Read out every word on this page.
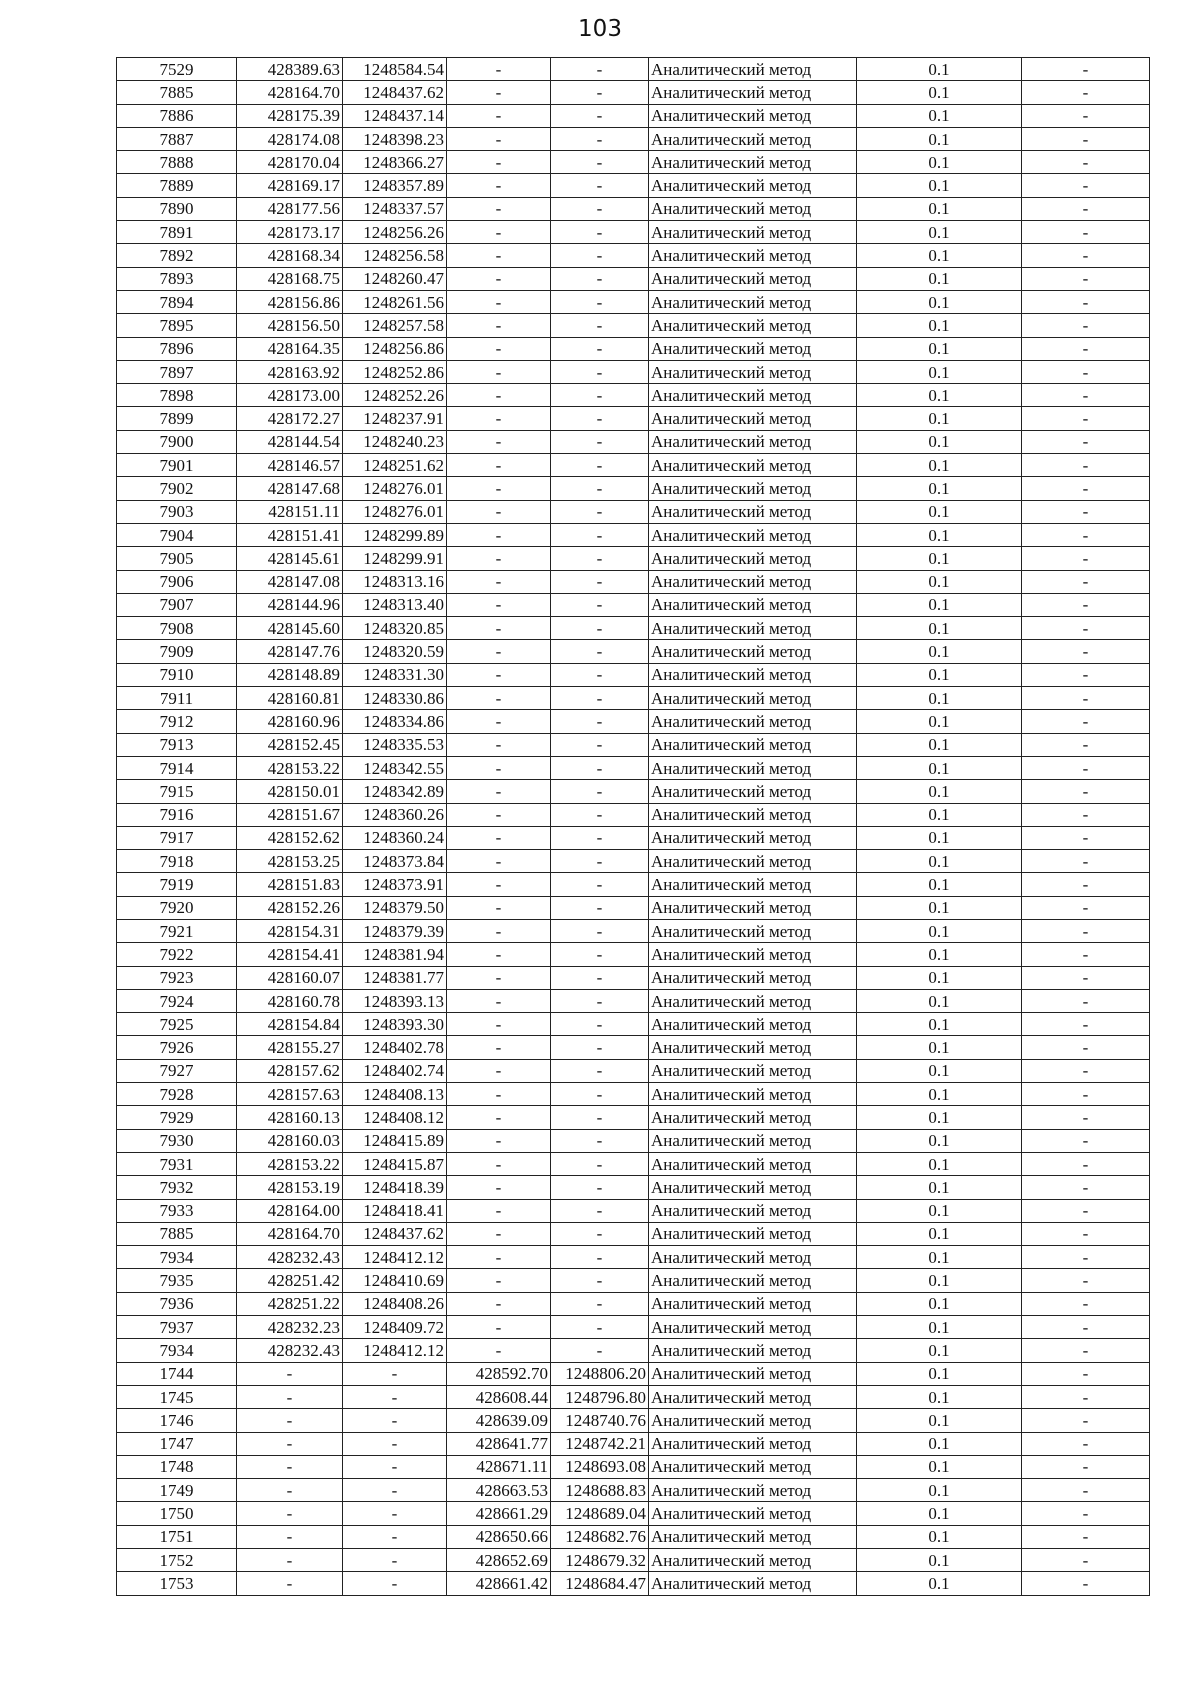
103
7529	428389.63	1248584.54	-	-	Аналитический метод	0.1	-
7885	428164.70	1248437.62	-	-	Аналитический метод	0.1	-
7886	428175.39	1248437.14	-	-	Аналитический метод	0.1	-
7887	428174.08	1248398.23	-	-	Аналитический метод	0.1	-
7888	428170.04	1248366.27	-	-	Аналитический метод	0.1	-
7889	428169.17	1248357.89	-	-	Аналитический метод	0.1	-
7890	428177.56	1248337.57	-	-	Аналитический метод	0.1	-
7891	428173.17	1248256.26	-	-	Аналитический метод	0.1	-
7892	428168.34	1248256.58	-	-	Аналитический метод	0.1	-
7893	428168.75	1248260.47	-	-	Аналитический метод	0.1	-
7894	428156.86	1248261.56	-	-	Аналитический метод	0.1	-
7895	428156.50	1248257.58	-	-	Аналитический метод	0.1	-
7896	428164.35	1248256.86	-	-	Аналитический метод	0.1	-
7897	428163.92	1248252.86	-	-	Аналитический метод	0.1	-
7898	428173.00	1248252.26	-	-	Аналитический метод	0.1	-
7899	428172.27	1248237.91	-	-	Аналитический метод	0.1	-
7900	428144.54	1248240.23	-	-	Аналитический метод	0.1	-
7901	428146.57	1248251.62	-	-	Аналитический метод	0.1	-
7902	428147.68	1248276.01	-	-	Аналитический метод	0.1	-
7903	428151.11	1248276.01	-	-	Аналитический метод	0.1	-
7904	428151.41	1248299.89	-	-	Аналитический метод	0.1	-
7905	428145.61	1248299.91	-	-	Аналитический метод	0.1	-
7906	428147.08	1248313.16	-	-	Аналитический метод	0.1	-
7907	428144.96	1248313.40	-	-	Аналитический метод	0.1	-
7908	428145.60	1248320.85	-	-	Аналитический метод	0.1	-
7909	428147.76	1248320.59	-	-	Аналитический метод	0.1	-
7910	428148.89	1248331.30	-	-	Аналитический метод	0.1	-
7911	428160.81	1248330.86	-	-	Аналитический метод	0.1	-
7912	428160.96	1248334.86	-	-	Аналитический метод	0.1	-
7913	428152.45	1248335.53	-	-	Аналитический метод	0.1	-
7914	428153.22	1248342.55	-	-	Аналитический метод	0.1	-
7915	428150.01	1248342.89	-	-	Аналитический метод	0.1	-
7916	428151.67	1248360.26	-	-	Аналитический метод	0.1	-
7917	428152.62	1248360.24	-	-	Аналитический метод	0.1	-
7918	428153.25	1248373.84	-	-	Аналитический метод	0.1	-
7919	428151.83	1248373.91	-	-	Аналитический метод	0.1	-
7920	428152.26	1248379.50	-	-	Аналитический метод	0.1	-
7921	428154.31	1248379.39	-	-	Аналитический метод	0.1	-
7922	428154.41	1248381.94	-	-	Аналитический метод	0.1	-
7923	428160.07	1248381.77	-	-	Аналитический метод	0.1	-
7924	428160.78	1248393.13	-	-	Аналитический метод	0.1	-
7925	428154.84	1248393.30	-	-	Аналитический метод	0.1	-
7926	428155.27	1248402.78	-	-	Аналитический метод	0.1	-
7927	428157.62	1248402.74	-	-	Аналитический метод	0.1	-
7928	428157.63	1248408.13	-	-	Аналитический метод	0.1	-
7929	428160.13	1248408.12	-	-	Аналитический метод	0.1	-
7930	428160.03	1248415.89	-	-	Аналитический метод	0.1	-
7931	428153.22	1248415.87	-	-	Аналитический метод	0.1	-
7932	428153.19	1248418.39	-	-	Аналитический метод	0.1	-
7933	428164.00	1248418.41	-	-	Аналитический метод	0.1	-
7885	428164.70	1248437.62	-	-	Аналитический метод	0.1	-
7934	428232.43	1248412.12	-	-	Аналитический метод	0.1	-
7935	428251.42	1248410.69	-	-	Аналитический метод	0.1	-
7936	428251.22	1248408.26	-	-	Аналитический метод	0.1	-
7937	428232.23	1248409.72	-	-	Аналитический метод	0.1	-
7934	428232.43	1248412.12	-	-	Аналитический метод	0.1	-
1744	-	-	428592.70	1248806.20	Аналитический метод	0.1	-
1745	-	-	428608.44	1248796.80	Аналитический метод	0.1	-
1746	-	-	428639.09	1248740.76	Аналитический метод	0.1	-
1747	-	-	428641.77	1248742.21	Аналитический метод	0.1	-
1748	-	-	428671.11	1248693.08	Аналитический метод	0.1	-
1749	-	-	428663.53	1248688.83	Аналитический метод	0.1	-
1750	-	-	428661.29	1248689.04	Аналитический метод	0.1	-
1751	-	-	428650.66	1248682.76	Аналитический метод	0.1	-
1752	-	-	428652.69	1248679.32	Аналитический метод	0.1	-
1753	-	-	428661.42	1248684.47	Аналитический метод	0.1	-
